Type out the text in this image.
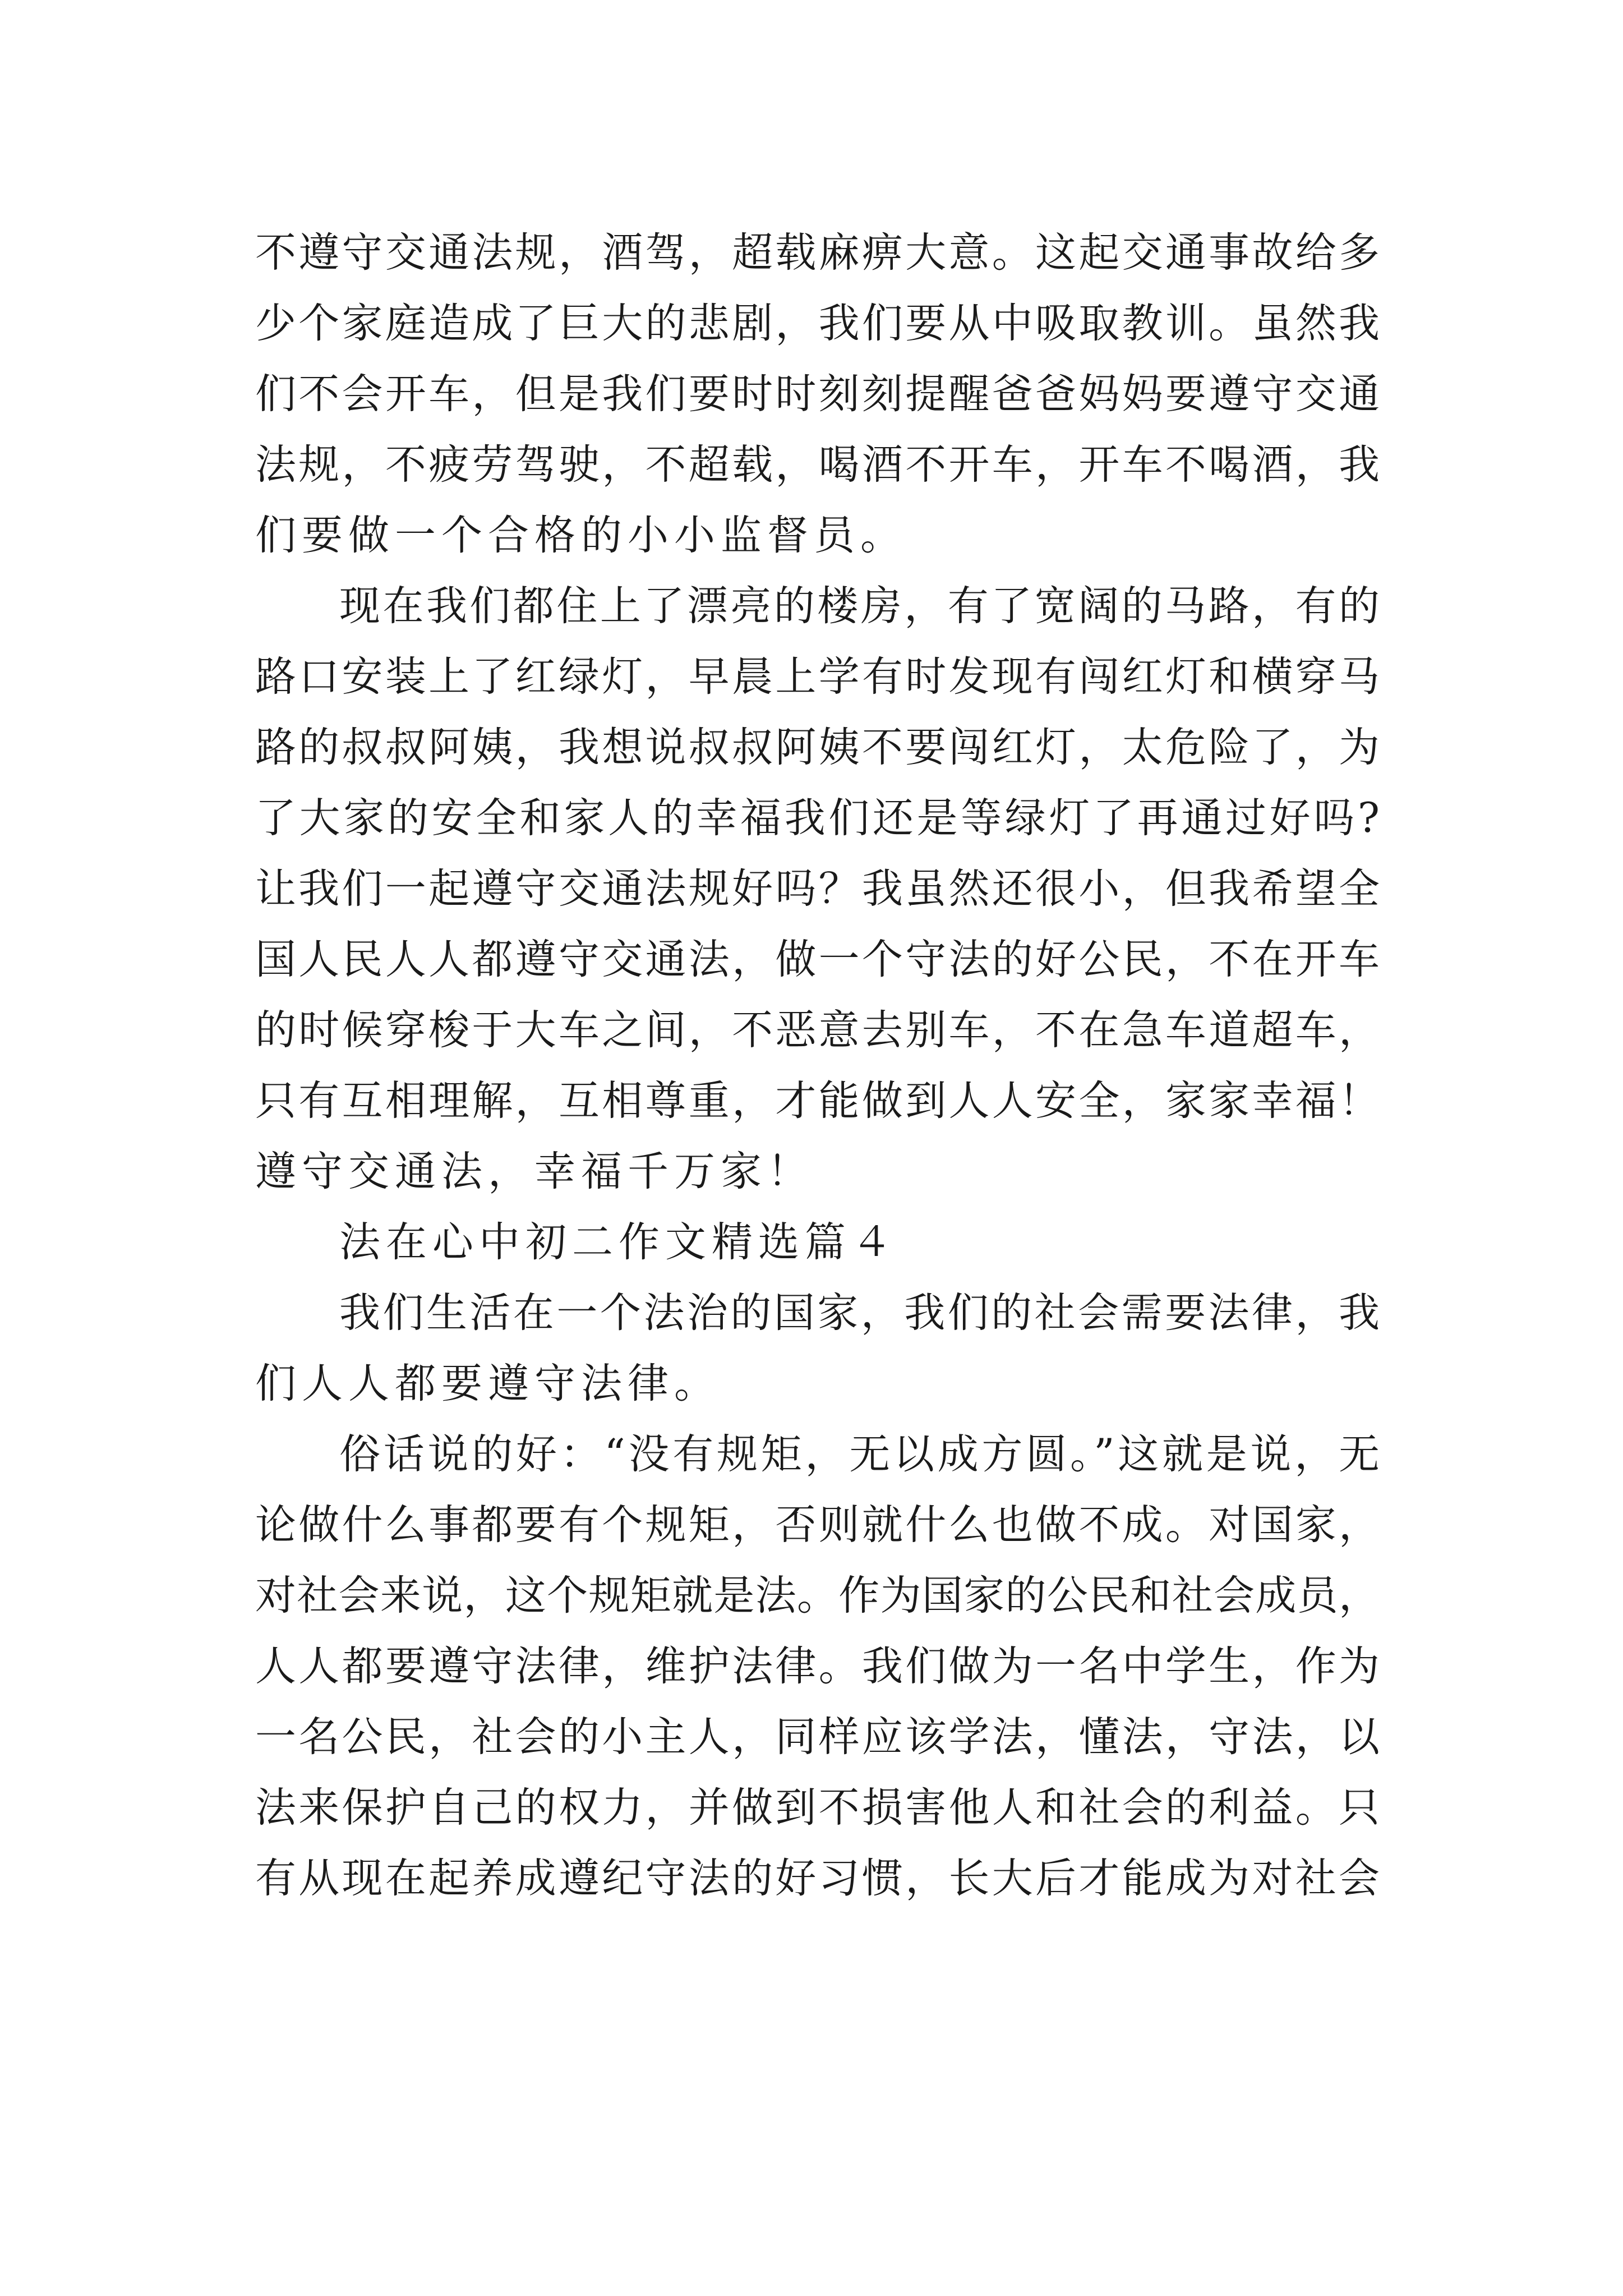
不遵守交通法规，酒驾，超载麻痹大意。这起交通事故给多
少个家庭造成了巨大的悲剧，我们要从中吸取教训。虽然我
们不会开车，但是我们要时时刻刻提醒爸爸妈妈要遵守交通
法规，不疲劳驾驶，不超载，喝酒不开车，开车不喝酒，我
们要做一个合格的小小监督员。
现在我们都住上了漂亮的楼房，有了宽阔的马路，有的
路口安装上了红绿灯，早晨上学有时发现有闯红灯和横穿马
路的叔叔阿姨，我想说叔叔阿姨不要闯红灯，太危险了，为
了大家的安全和家人的幸福我们还是等绿灯了再通过好吗?
让我们一起遵守交通法规好吗？我虽然还很小，但我希望全
国人民人人都遵守交通法，做一个守法的好公民，不在开车
的时候穿梭于大车之间，不恶意去别车，不在急车道超车，
只有互相理解，互相尊重，才能做到人人安全，家家幸福！
遵守交通法，幸福千万家！
法在心中初二作文精选篇４
我们生活在一个法治的国家，我们的社会需要法律，我
们人人都要遵守法律。
俗话说的好：“没有规矩，无以成方圆。”这就是说，无
论做什么事都要有个规矩，否则就什么也做不成。对国家，
对社会来说，这个规矩就是法。作为国家的公民和社会成员，
人人都要遵守法律，维护法律。我们做为一名中学生，作为
一名公民，社会的小主人，同样应该学法，懂法，守法，以
法来保护自己的权力，并做到不损害他人和社会的利益。只
有从现在起养成遵纪守法的好习惯，长大后才能成为对社会
